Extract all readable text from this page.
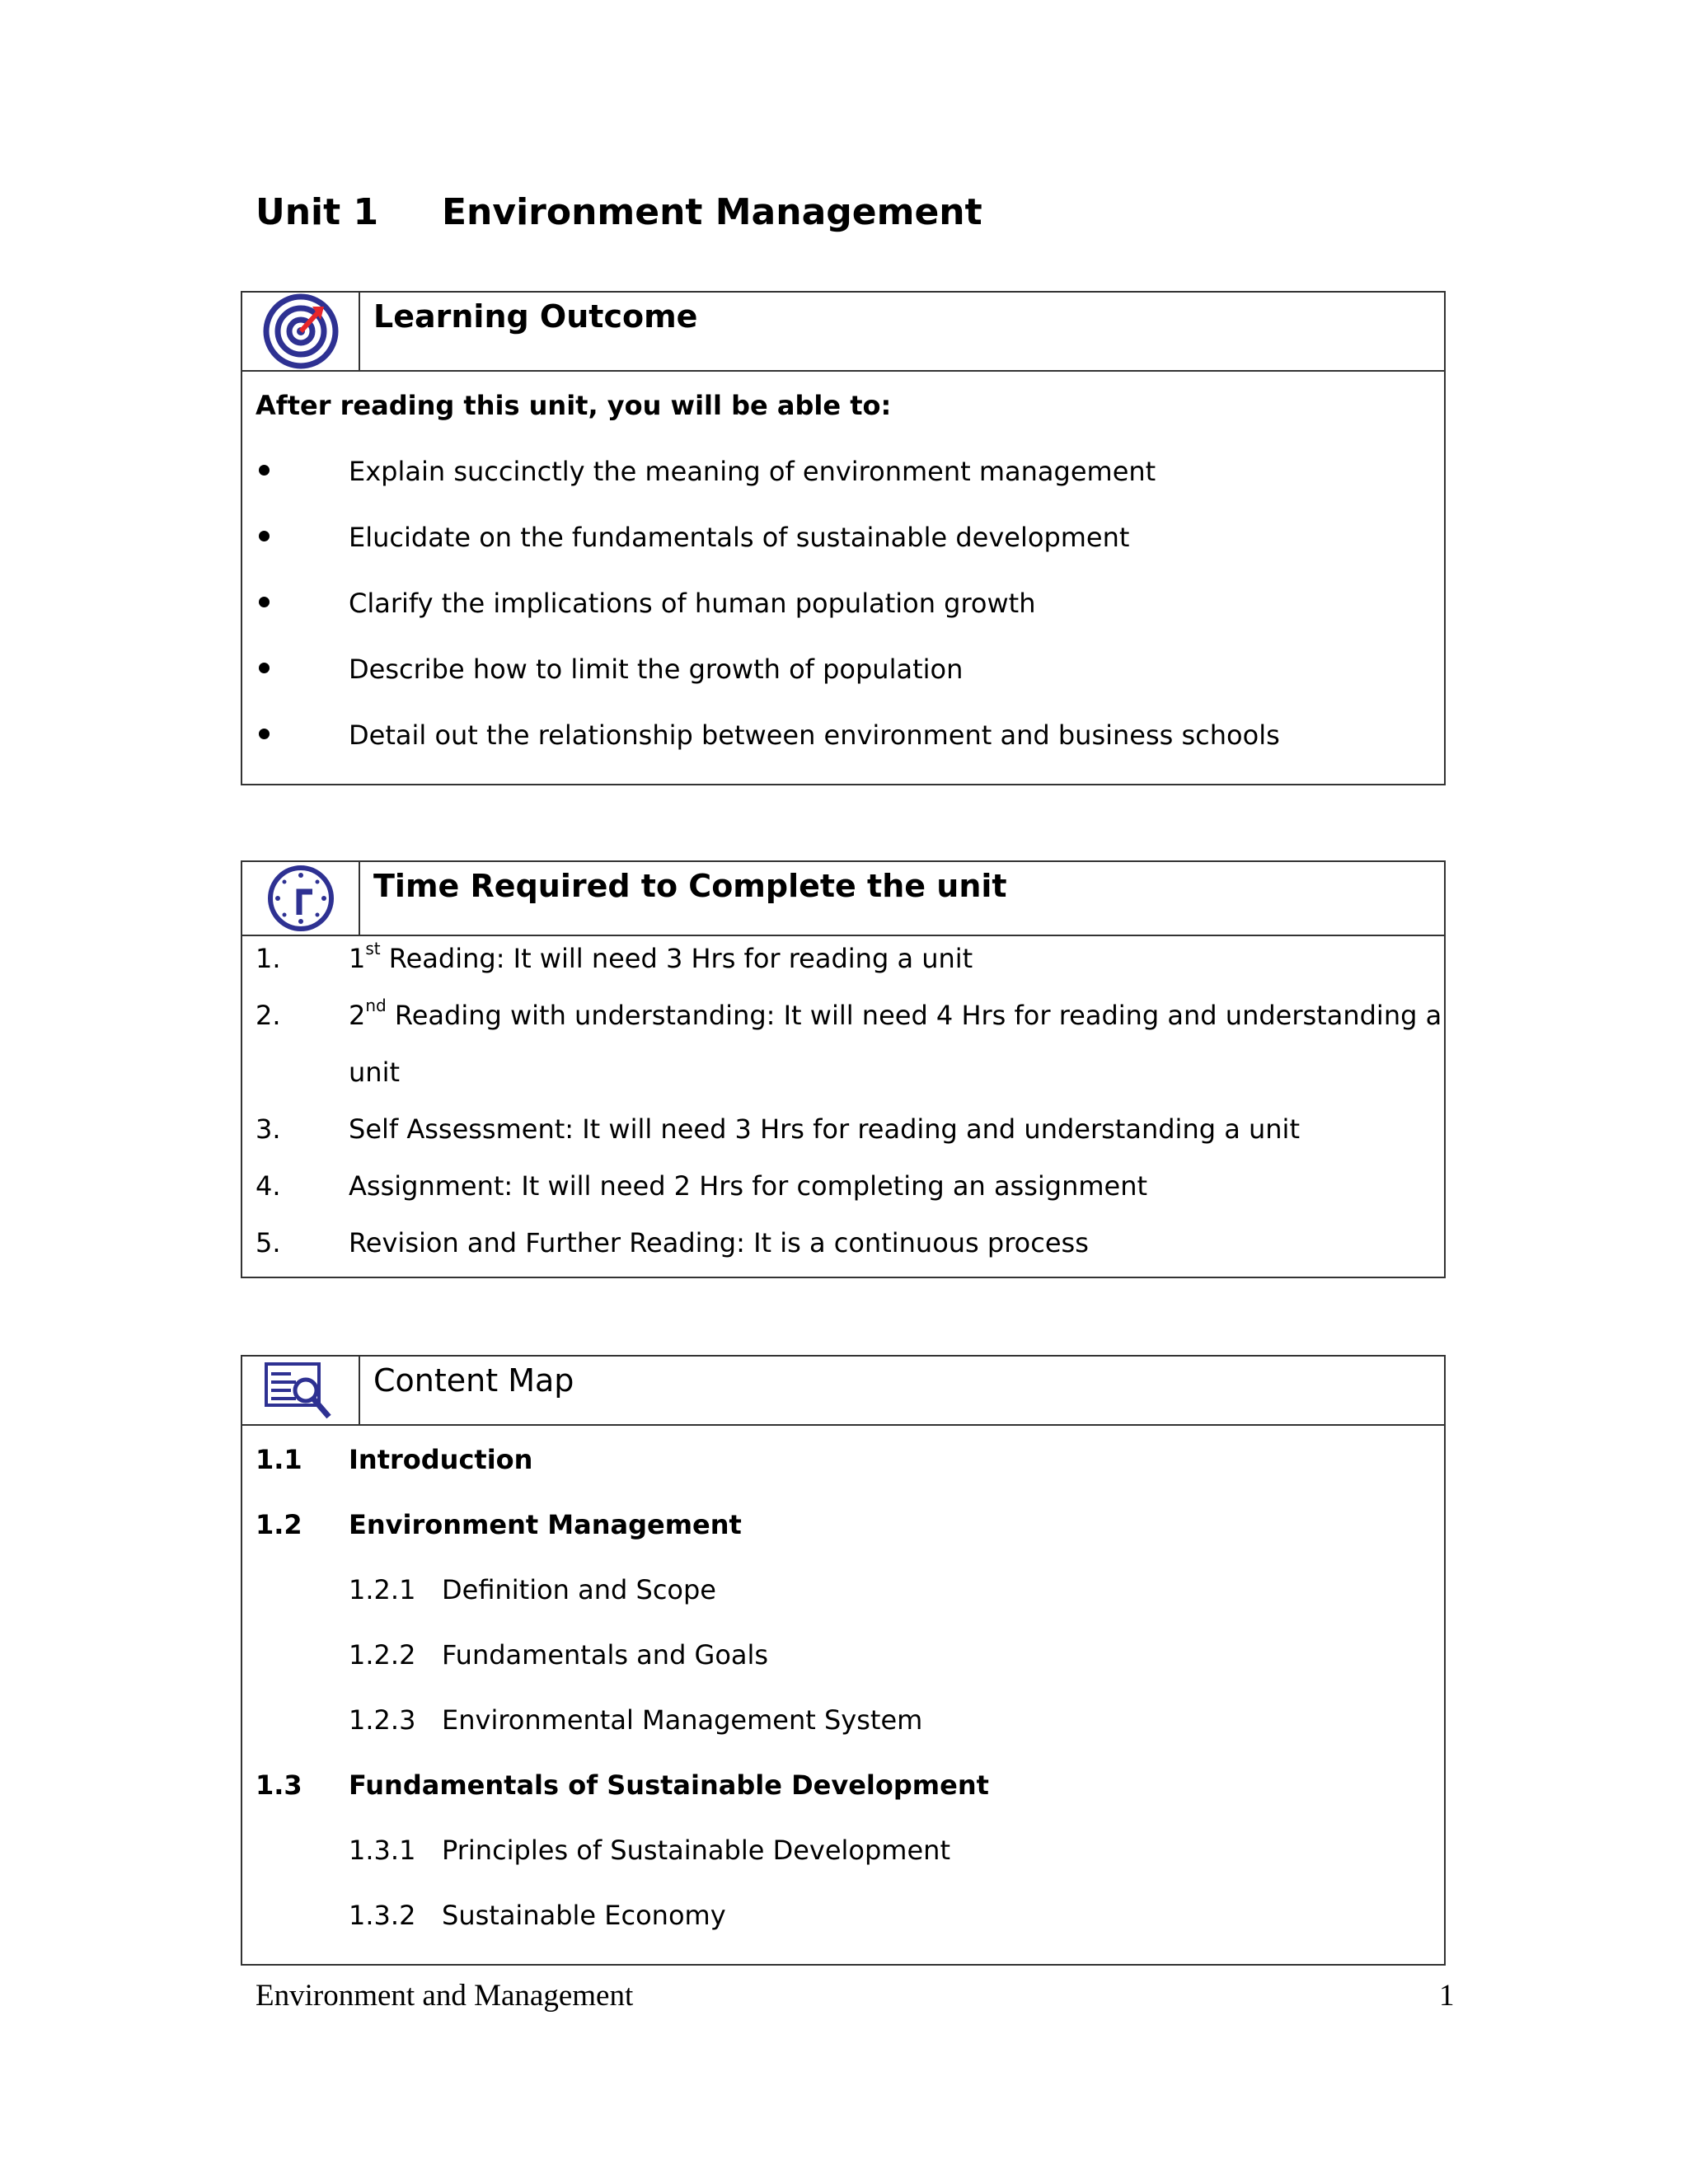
Unit 1	Environment Management
Learning Outcome
After reading this unit, you will be able to:
Explain succinctly the meaning of environment management
Elucidate on the fundamentals of sustainable development
Clarify the implications of human population growth
Describe how to limit the growth of population
Detail out the relationship between environment and business schools
Time Required to Complete the unit
1.	1st Reading: It will need 3 Hrs for reading a unit
2.	2nd Reading with understanding: It will need 4 Hrs for reading and understanding a
unit
3.	Self Assessment: It will need 3 Hrs for reading and understanding a unit
4.	Assignment: It will need 2 Hrs for completing an assignment
5.	Revision and Further Reading: It is a continuous process
Content Map
1.1	Introduction
1.2	Environment Management
1.2.1 Definition and Scope
1.2.2 Fundamentals and Goals
1.2.3 Environmental Management System
1.3	Fundamentals of Sustainable Development
1.3.1 Principles of Sustainable Development
1.3.2 Sustainable Economy
Environment and Management	1
